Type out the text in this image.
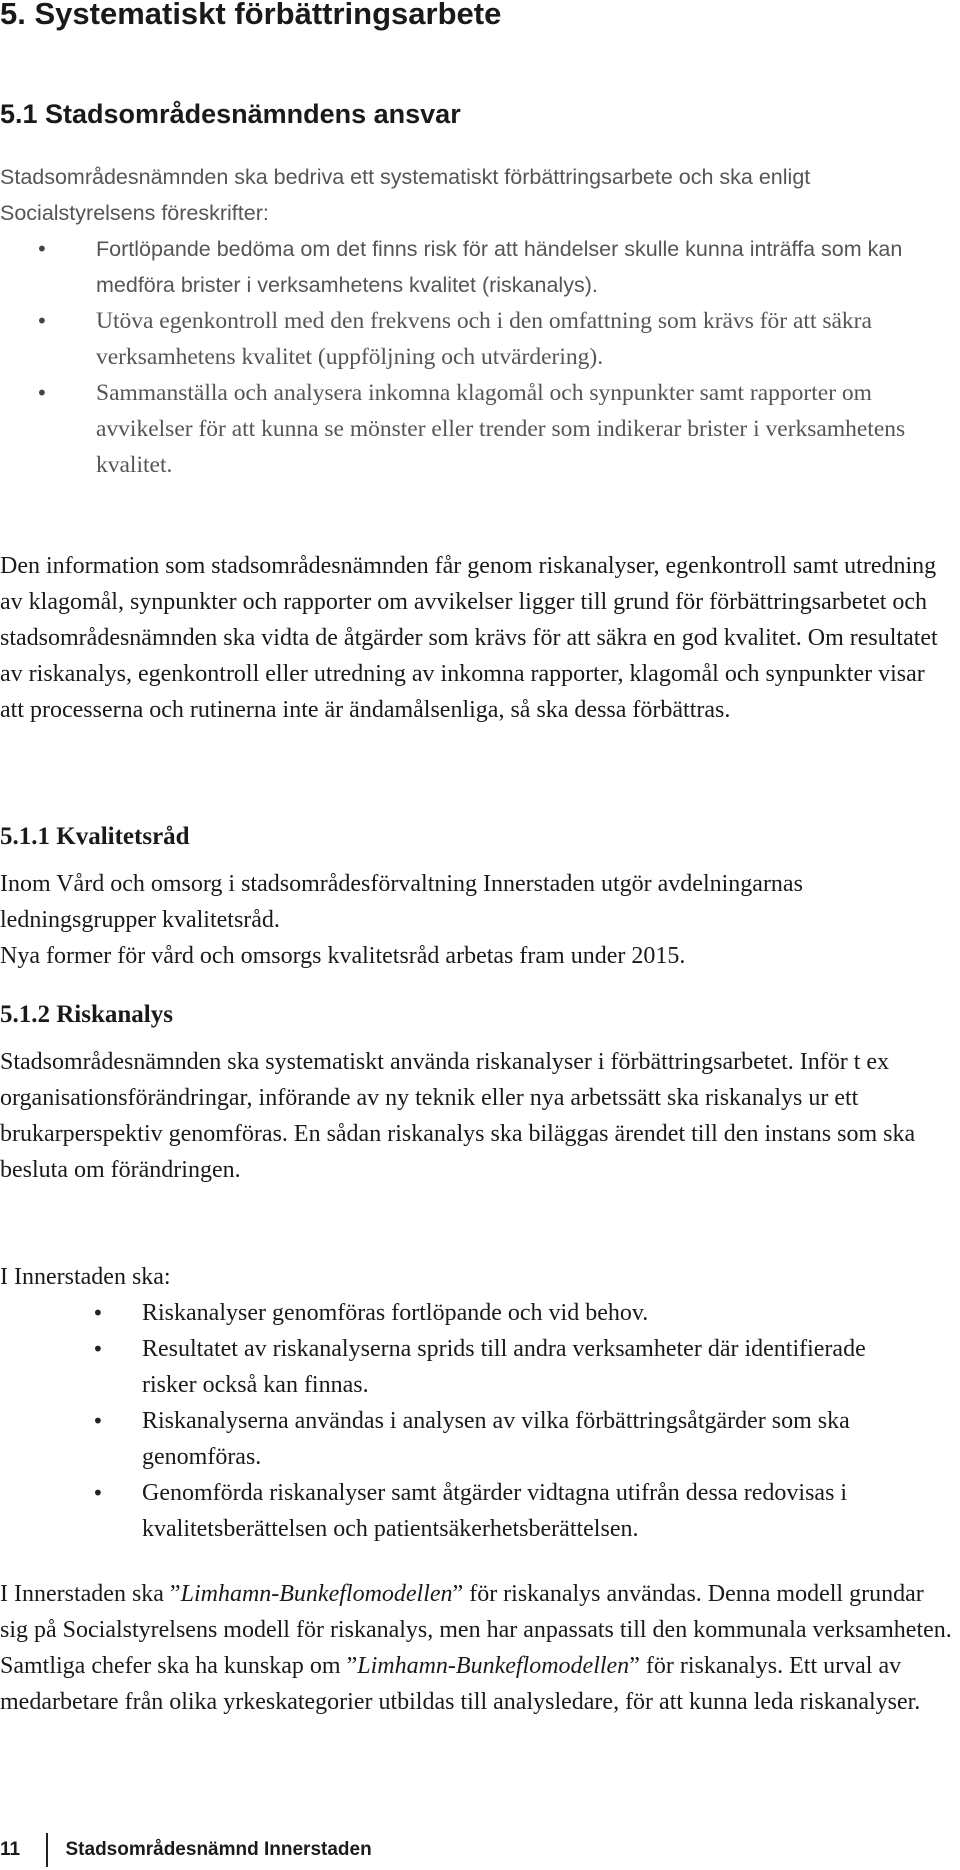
5. Systematiskt förbättringsarbete
5.1 Stadsområdesnämndens ansvar

Stadsområdesnämnden ska bedriva ett systematiskt förbättringsarbete och ska enligt Socialstyrelsens föreskrifter:

• Fortlöpande bedöma om det finns risk för att händelser skulle kunna inträffa som kan medföra brister i verksamhetens kvalitet (riskanalys).
• Utöva egenkontroll med den frekvens och i den omfattning som krävs för att säkra verksamhetens kvalitet (uppföljning och utvärdering).
• Sammanställa och analysera inkomna klagomål och synpunkter samt rapporter om avvikelser för att kunna se mönster eller trender som indikerar brister i verksamhetens kvalitet.

Den information som stadsområdesnämnden får genom riskanalyser, egenkontroll samt utredning av klagomål, synpunkter och rapporter om avvikelser ligger till grund för förbättringsarbetet och stadsområdesnämnden ska vidta de åtgärder som krävs för att säkra en god kvalitet. Om resultatet av riskanalys, egenkontroll eller utredning av inkomna rapporter, klagomål och synpunkter visar att processerna och rutinerna inte är ändamålsenliga, så ska dessa förbättras.

5.1.1 Kvalitetsråd

Inom Vård och omsorg i stadsområdesförvaltning Innerstaden utgör avdelningarnas ledningsgrupper kvalitetsråd.

Nya former för vård och omsorgs kvalitetsråd arbetas fram under 2015.

5.1.2 Riskanalys

Stadsområdesnämnden ska systematiskt använda riskanalyser i förbättringsarbetet. Inför t ex organisationsförändringar, införande av ny teknik eller nya arbetssätt ska riskanalys ur ett brukarperspektiv genomföras. En sådan riskanalys ska biläggas ärendet till den instans som ska besluta om förändringen.

I Innerstaden ska:

• Riskanalyser genomföras fortlöpande och vid behov.
• Resultatet av riskanalyserna sprids till andra verksamheter där identifierade risker också kan finnas.
• Riskanalyserna användas i analysen av vilka förbättringsåtgärder som ska genomföras.
• Genomförda riskanalyser samt åtgärder vidtagna utifrån dessa redovisas i kvalitetsberättelsen och patientsäkerhetsberättelsen.

I Innerstaden ska ”Limhamn-Bunkeflomodellen” för riskanalys användas. Denna modell grundar sig på Socialstyrelsens modell för riskanalys, men har anpassats till den kommunala verksamheten. Samtliga chefer ska ha kunskap om ”Limhamn-Bunkeflomodellen” för riskanalys. Ett urval av medarbetare från olika yrkeskategorier utbildas till analysledare, för att kunna leda riskanalyser.

11	Stadsområdesnämnd Innerstaden
